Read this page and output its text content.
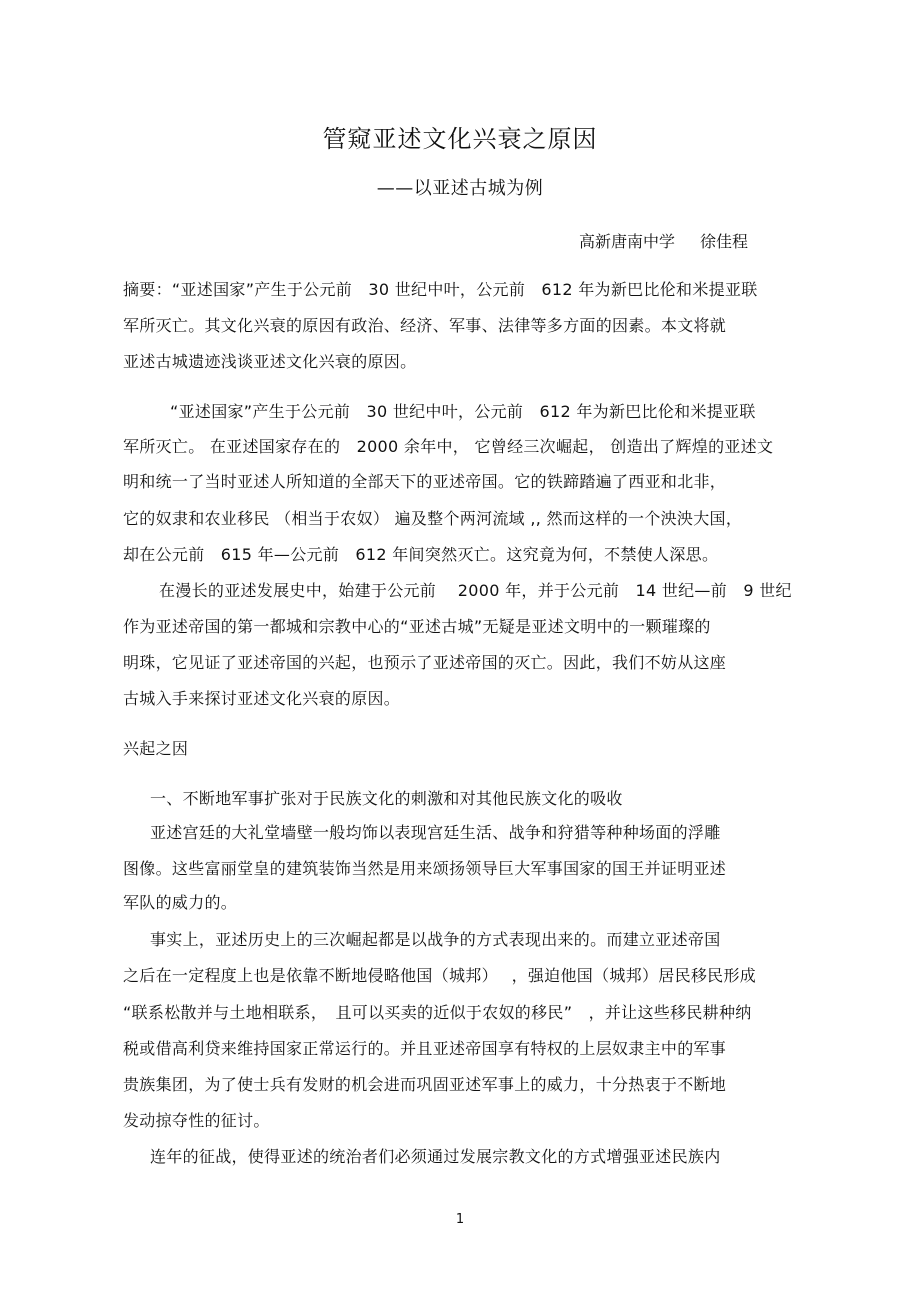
管窥亚述文化兴衰之原因
——以亚述古城为例
高新唐南中学 徐佳程

摘要：“亚述国家”产生于公元前　30 世纪中叶，公元前　612 年为新巴比伦和米提亚联

军所灭亡。其文化兴衰的原因有政治、经济、军事、法律等多方面的因素。本文将就

亚述古城遗迹浅谈亚述文化兴衰的原因。

“亚述国家”产生于公元前　30 世纪中叶，公元前　612 年为新巴比伦和米提亚联

军所灭亡。 在亚述国家存在的　2000 余年中， 它曾经三次崛起， 创造出了辉煌的亚述文

明和统一了当时亚述人所知道的全部天下的亚述帝国。它的铁蹄踏遍了西亚和北非，

它的奴隶和农业移民 （相当于农奴） 遍及整个两河流域 ,, 然而这样的一个泱泱大国，

却在公元前　615 年—公元前　612 年间突然灭亡。这究竟为何，不禁使人深思。

在漫长的亚述发展史中，始建于公元前　 2000 年，并于公元前　14 世纪—前　9 世纪

作为亚述帝国的第一都城和宗教中心的“亚述古城”无疑是亚述文明中的一颗璀璨的

明珠，它见证了亚述帝国的兴起，也预示了亚述帝国的灭亡。因此，我们不妨从这座

古城入手来探讨亚述文化兴衰的原因。

兴起之因

一、不断地军事扩张对于民族文化的刺激和对其他民族文化的吸收

亚述宫廷的大礼堂墙壁一般均饰以表现宫廷生活、战争和狩猎等种种场面的浮雕

图像。这些富丽堂皇的建筑装饰当然是用来颂扬领导巨大军事国家的国王并证明亚述

军队的威力的。

事实上，亚述历史上的三次崛起都是以战争的方式表现出来的。而建立亚述帝国

之后在一定程度上也是依靠不断地侵略他国（城邦）　 ，强迫他国（城邦）居民移民形成

“联系松散并与土地相联系，　且可以买卖的近似于农奴的移民”　，并让这些移民耕种纳

税或借高利贷来维持国家正常运行的。并且亚述帝国享有特权的上层奴隶主中的军事

贵族集团，为了使士兵有发财的机会进而巩固亚述军事上的威力，十分热衷于不断地

发动掠夺性的征讨。

连年的征战，使得亚述的统治者们必须通过发展宗教文化的方式增强亚述民族内

1
